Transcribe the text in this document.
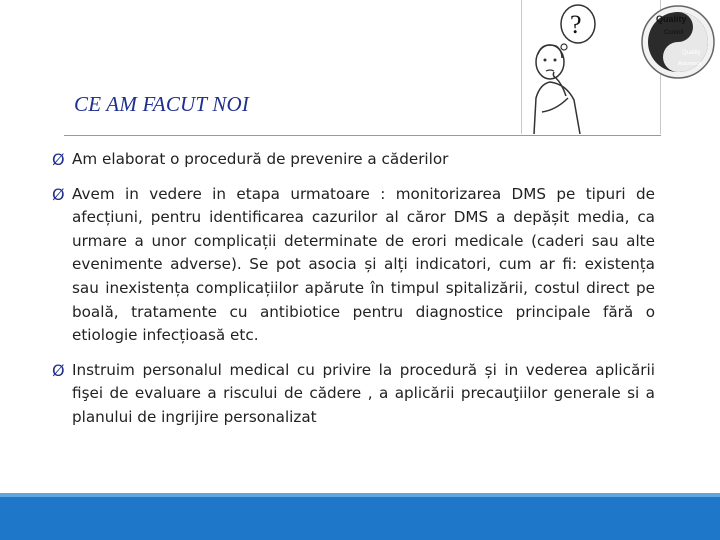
CE AM FACUT NOI
?	Quality
Control
Quality
Assurance

Ø Am elaborat o procedură de prevenire a căderilor

Ø Avem in vedere in etapa urmatoare : monitorizarea DMS pe tipuri de afecțiuni, pentru identificarea cazurilor al căror DMS a depășit media, ca urmare a unor complicații determinate de erori medicale (caderi sau alte evenimente adverse). Se pot asocia și alți indicatori, cum ar fi: existența sau inexistența complicațiilor apărute în timpul spitalizării, costul direct pe boală, tratamente cu antibiotice pentru diagnostice principale fără o etiologie infecțioasă etc.

Ø Instruim personalul medical cu privire la procedură și in vederea aplicării fişei de evaluare a riscului de cădere , a aplicării precauţiilor generale si a planului de ingrijire personalizat
